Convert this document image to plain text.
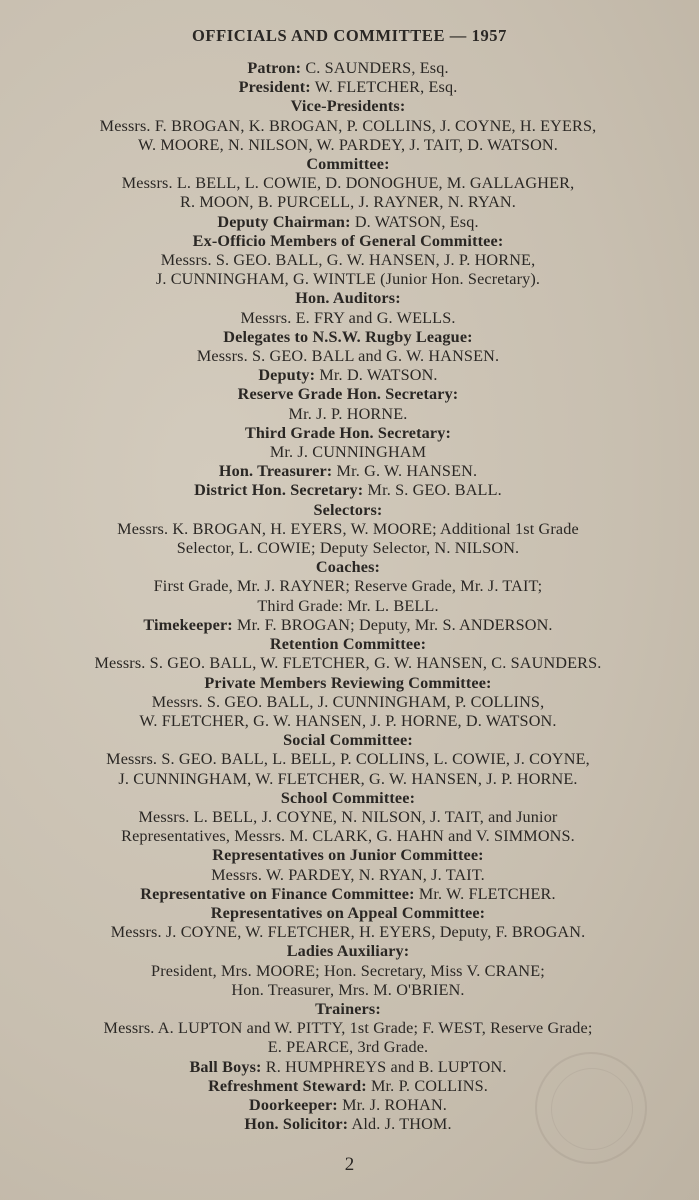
OFFICIALS AND COMMITTEE — 1957
Patron: C. SAUNDERS, Esq.
President: W. FLETCHER, Esq.
Vice-Presidents:
Messrs. F. BROGAN, K. BROGAN, P. COLLINS, J. COYNE, H. EYERS,
W. MOORE, N. NILSON, W. PARDEY, J. TAIT, D. WATSON.
Committee:
Messrs. L. BELL, L. COWIE, D. DONOGHUE, M. GALLAGHER,
R. MOON, B. PURCELL, J. RAYNER, N. RYAN.
Deputy Chairman: D. WATSON, Esq.
Ex-Officio Members of General Committee:
Messrs. S. GEO. BALL, G. W. HANSEN, J. P. HORNE,
J. CUNNINGHAM, G. WINTLE (Junior Hon. Secretary).
Hon. Auditors:
Messrs. E. FRY and G. WELLS.
Delegates to N.S.W. Rugby League:
Messrs. S. GEO. BALL and G. W. HANSEN.
Deputy: Mr. D. WATSON.
Reserve Grade Hon. Secretary:
Mr. J. P. HORNE.
Third Grade Hon. Secretary:
Mr. J. CUNNINGHAM
Hon. Treasurer: Mr. G. W. HANSEN.
District Hon. Secretary: Mr. S. GEO. BALL.
Selectors:
Messrs. K. BROGAN, H. EYERS, W. MOORE; Additional 1st Grade
Selector, L. COWIE; Deputy Selector, N. NILSON.
Coaches:
First Grade, Mr. J. RAYNER; Reserve Grade, Mr. J. TAIT;
Third Grade: Mr. L. BELL.
Timekeeper: Mr. F. BROGAN; Deputy, Mr. S. ANDERSON.
Retention Committee:
Messrs. S. GEO. BALL, W. FLETCHER, G. W. HANSEN, C. SAUNDERS.
Private Members Reviewing Committee:
Messrs. S. GEO. BALL, J. CUNNINGHAM, P. COLLINS,
W. FLETCHER, G. W. HANSEN, J. P. HORNE, D. WATSON.
Social Committee:
Messrs. S. GEO. BALL, L. BELL, P. COLLINS, L. COWIE, J. COYNE,
J. CUNNINGHAM, W. FLETCHER, G. W. HANSEN, J. P. HORNE.
School Committee:
Messrs. L. BELL, J. COYNE, N. NILSON, J. TAIT, and Junior
Representatives, Messrs. M. CLARK, G. HAHN and V. SIMMONS.
Representatives on Junior Committee:
Messrs. W. PARDEY, N. RYAN, J. TAIT.
Representative on Finance Committee: Mr. W. FLETCHER.
Representatives on Appeal Committee:
Messrs. J. COYNE, W. FLETCHER, H. EYERS, Deputy, F. BROGAN.
Ladies Auxiliary:
President, Mrs. MOORE; Hon. Secretary, Miss V. CRANE;
Hon. Treasurer, Mrs. M. O'BRIEN.
Trainers:
Messrs. A. LUPTON and W. PITTY, 1st Grade; F. WEST, Reserve Grade;
E. PEARCE, 3rd Grade.
Ball Boys: R. HUMPHREYS and B. LUPTON.
Refreshment Steward: Mr. P. COLLINS.
Doorkeeper: Mr. J. ROHAN.
Hon. Solicitor: Ald. J. THOM.
2
